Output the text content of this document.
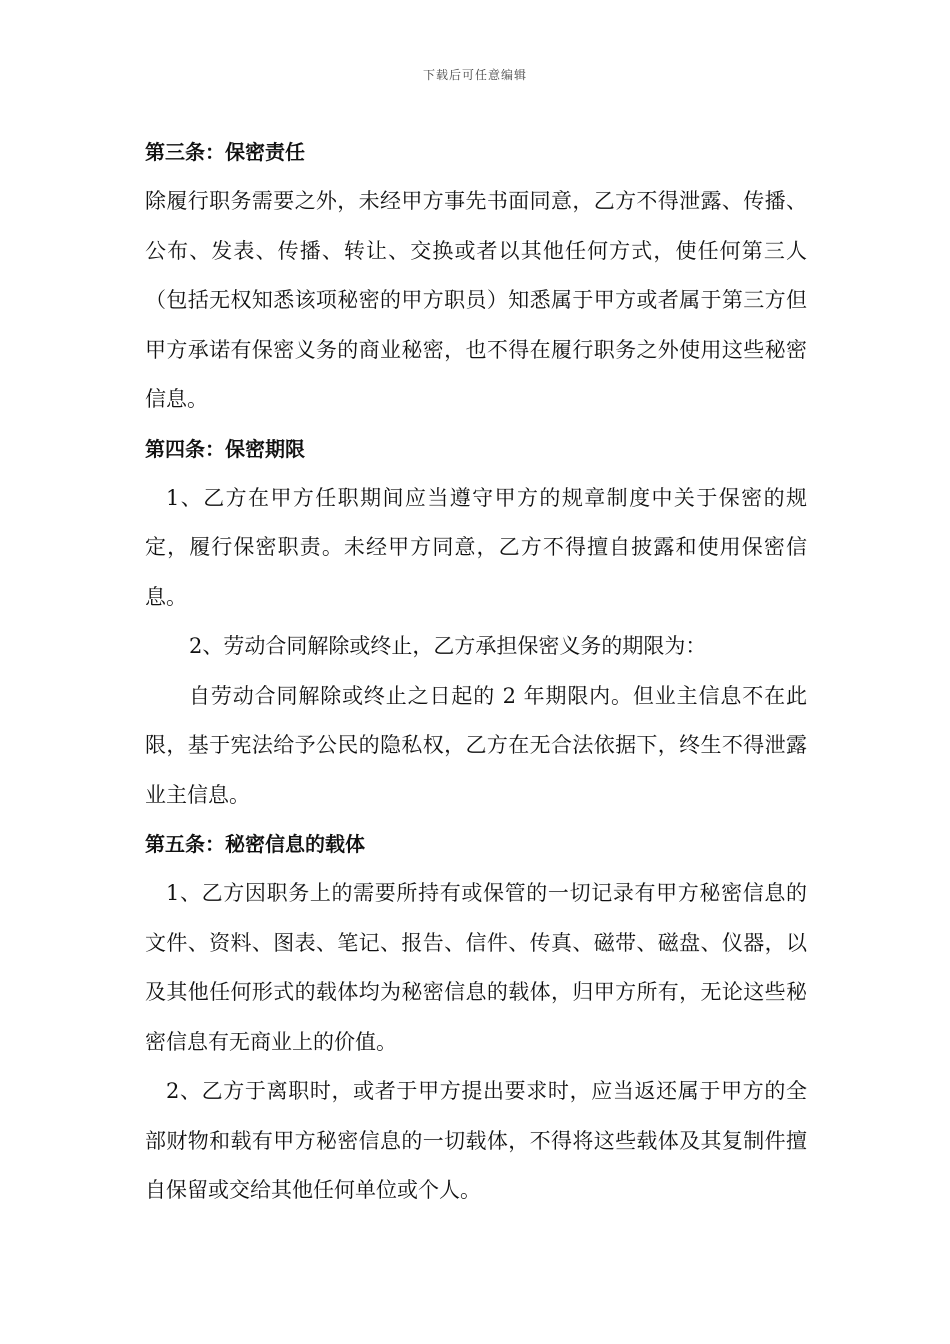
下载后可任意编辑
第三条：保密责任

除履行职务需要之外，未经甲方事先书面同意，乙方不得泄露、传播、公布、发表、传播、转让、交换或者以其他任何方式，使任何第三人（包括无权知悉该项秘密的甲方职员）知悉属于甲方或者属于第三方但甲方承诺有保密义务的商业秘密，也不得在履行职务之外使用这些秘密信息。

第四条：保密期限

1、乙方在甲方任职期间应当遵守甲方的规章制度中关于保密的规定，履行保密职责。未经甲方同意，乙方不得擅自披露和使用保密信息。

2、劳动合同解除或终止，乙方承担保密义务的期限为：

自劳动合同解除或终止之日起的 2 年期限内。但业主信息不在此限，基于宪法给予公民的隐私权，乙方在无合法依据下，终生不得泄露业主信息。

第五条：秘密信息的载体

1、乙方因职务上的需要所持有或保管的一切记录有甲方秘密信息的文件、资料、图表、笔记、报告、信件、传真、磁带、磁盘、仪器，以及其他任何形式的载体均为秘密信息的载体，归甲方所有，无论这些秘密信息有无商业上的价值。

2、乙方于离职时，或者于甲方提出要求时，应当返还属于甲方的全部财物和载有甲方秘密信息的一切载体，不得将这些载体及其复制件擅自保留或交给其他任何单位或个人。
